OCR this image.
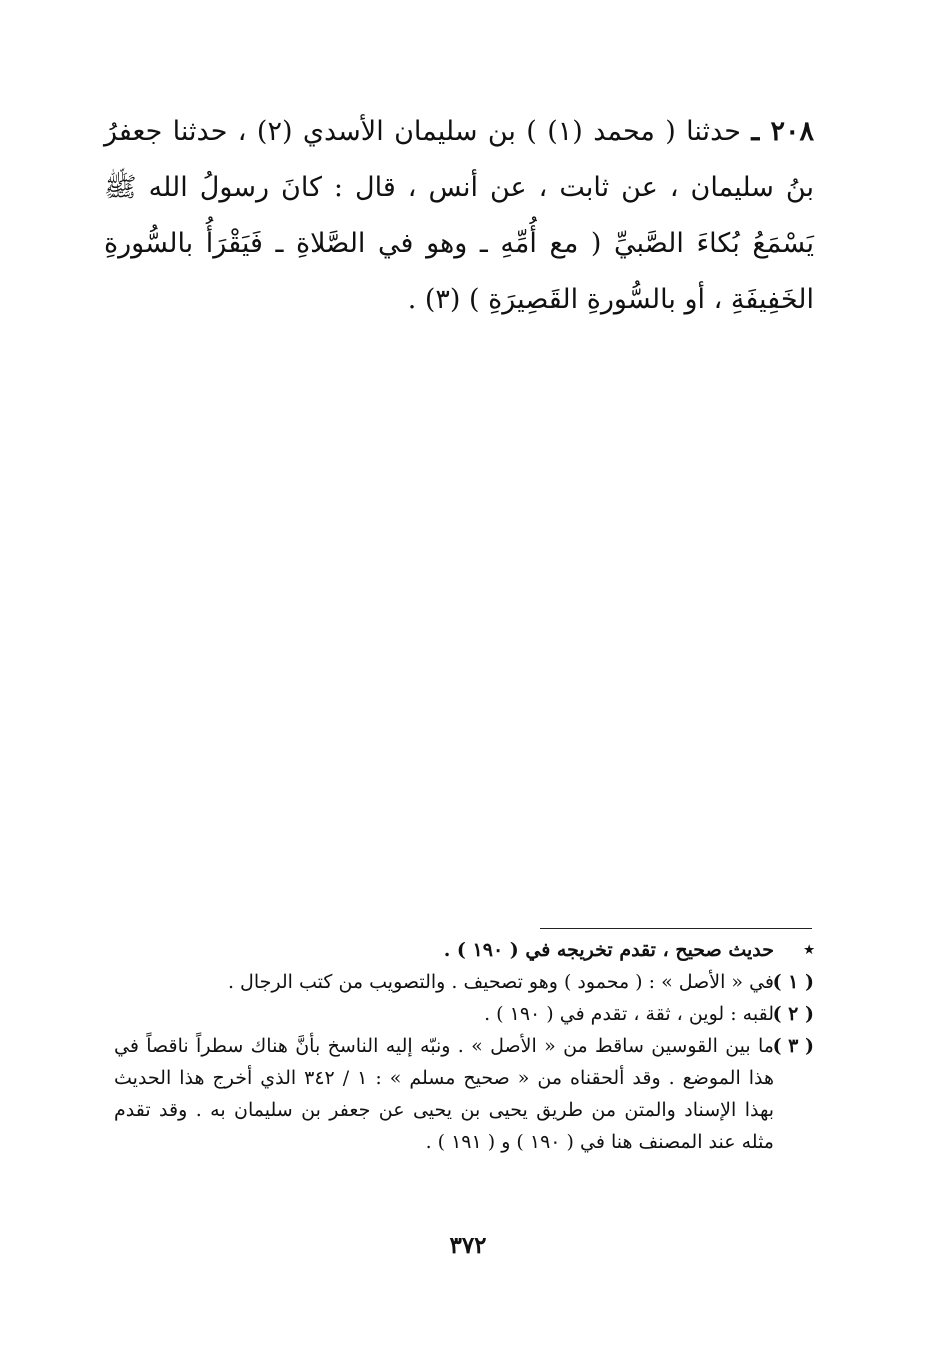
٢٠٨ ـ حدثنا ( محمد (١) ) بن سليمان الأسدي (٢) ، حدثنا جعفرُ بنُ سليمان ، عن ثابت ، عن أنس ، قال : كانَ رسولُ الله ﷺ يَسْمَعُ بُكاءَ الصَّبيِّ ( مع أُمِّهِ ـ وهو في الصَّلاةِ ـ فَيَقْرَأُ بالسُّورةِ الخَفِيفَةِ ، أو بالسُّورةِ القَصِيرَةِ ) (٣) .

٭
حديث صحيح ، تقدم تخريجه في ( ١٩٠ ) .
( ١ )
في « الأصل » : ( محمود ) وهو تصحيف . والتصويب من كتب الرجال .
( ٢ )
لقبه : لوين ، ثقة ، تقدم في ( ١٩٠ ) .
( ٣ )
ما بين القوسين ساقط من « الأصل » . ونبّه إليه الناسخ بأنَّ هناك سطراً ناقصاً في هذا الموضع . وقد ألحقناه من « صحيح مسلم » : ١ / ٣٤٢ الذي أخرج هذا الحديث بهذا الإسناد والمتن من طريق يحيى بن يحيى عن جعفر بن سليمان به . وقد تقدم مثله عند المصنف هنا في ( ١٩٠ ) و ( ١٩١ ) .
٣٧٢
